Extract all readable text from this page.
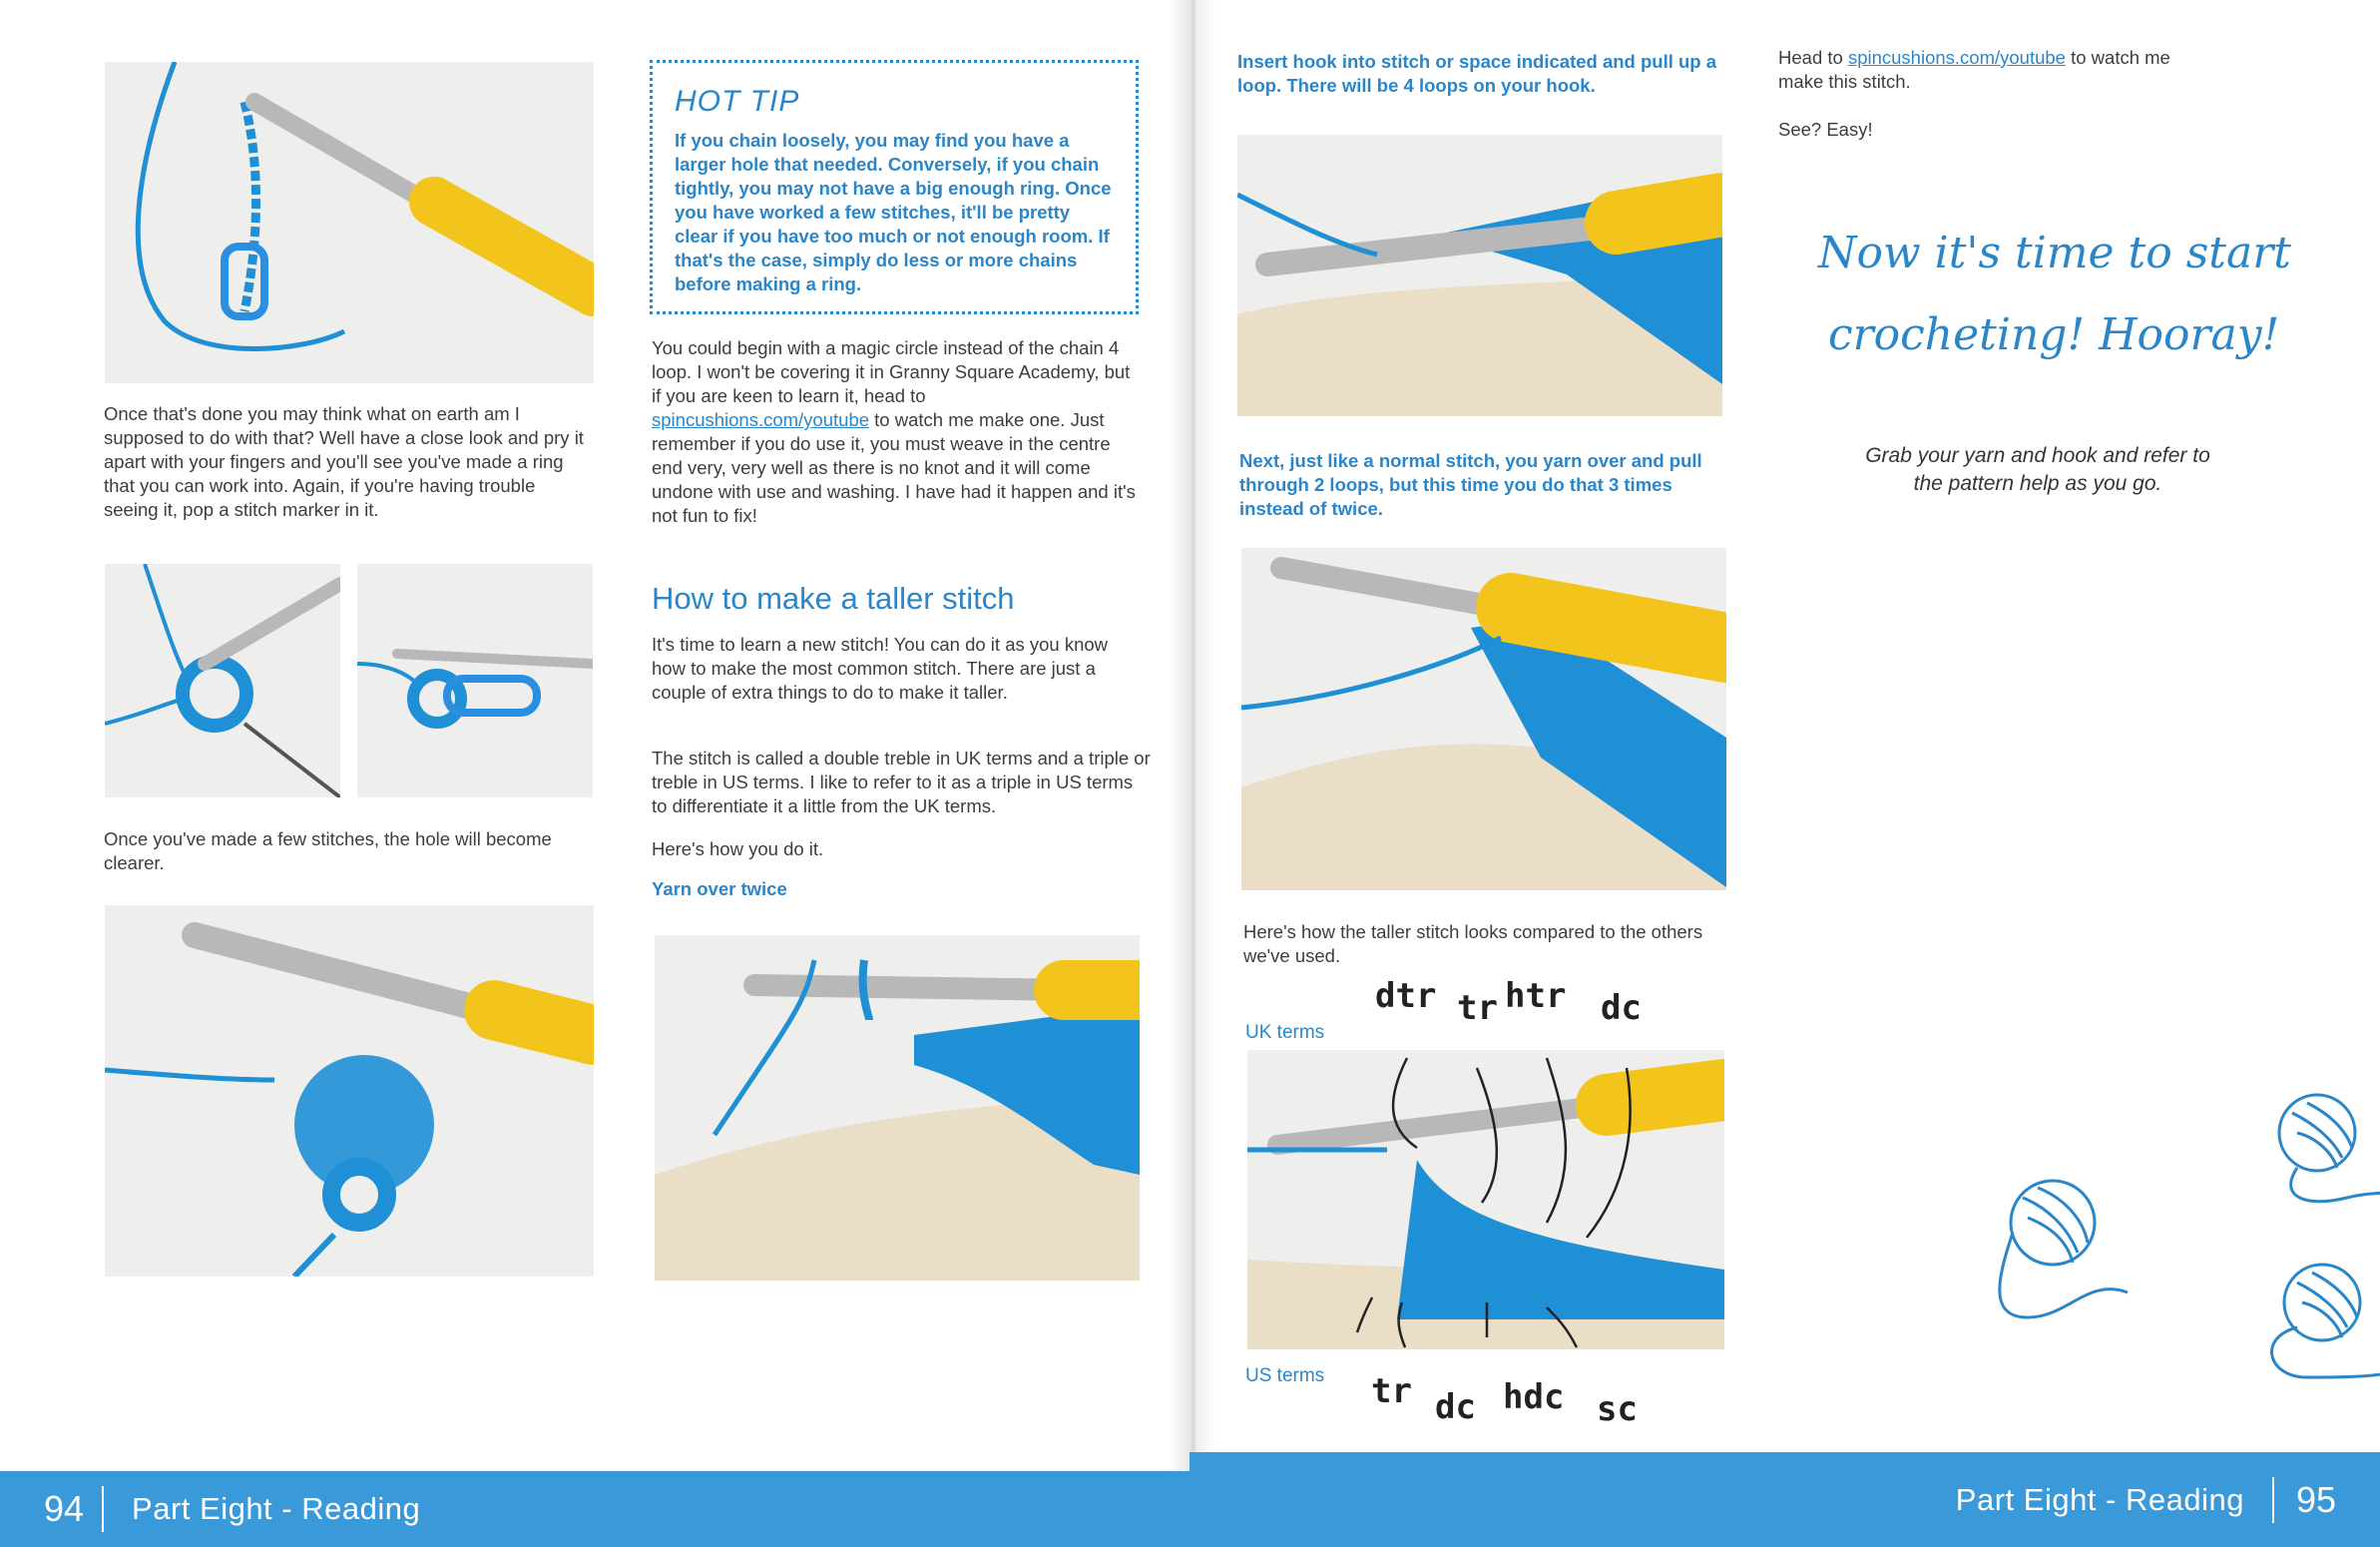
Once that's done you may think what on earth am I supposed to do with that? Well have a close look and pry it apart with your fingers and you'll see you've made a ring that you can work into. Again, if you're having trouble seeing it, pop a stitch marker in it.
Once you've made a few stitches, the hole will become clearer.
HOT TIP
If you chain loosely, you may find you have a larger hole that needed. Conversely, if you chain tightly, you may not have a big enough ring. Once you have worked a few stitches, it'll be pretty clear if you have too much or not enough room. If that's the case, simply do less or more chains before making a ring.
You could begin with a magic circle instead of the chain 4 loop. I won't be covering it in Granny Square Academy, but if you are keen to learn it, head to spincushions.com/youtube to watch me make one. Just remember if you do use it, you must weave in the centre end very, very well as there is no knot and it will come undone with use and washing. I have had it happen and it's not fun to fix!
How to make a taller stitch
It's time to learn a new stitch! You can do it as you know how to make the most common stitch. There are just a couple of extra things to do to make it taller.
The stitch is called a double treble in UK terms and a triple or treble in US terms. I like to refer to it as a triple in US terms to differentiate it a little from the UK terms.
Here's how you do it.
Yarn over twice
Insert hook into stitch or space indicated and pull up a loop. There will be 4 loops on your hook.
Next, just like a normal stitch, you yarn over and pull through 2 loops, but this time you do that 3 times instead of twice.
Here's how the taller stitch looks compared to the others we've used.
UK terms
US terms
dtr tr htr dc
tr dc hdc sc
Head to spincushions.com/youtube to watch me make this stitch.
See? Easy!
Now it's time to start
crocheting! Hooray!
Grab your yarn and hook and refer to the pattern help as you go.
94	Part Eight - Reading	Part Eight - Reading	95
